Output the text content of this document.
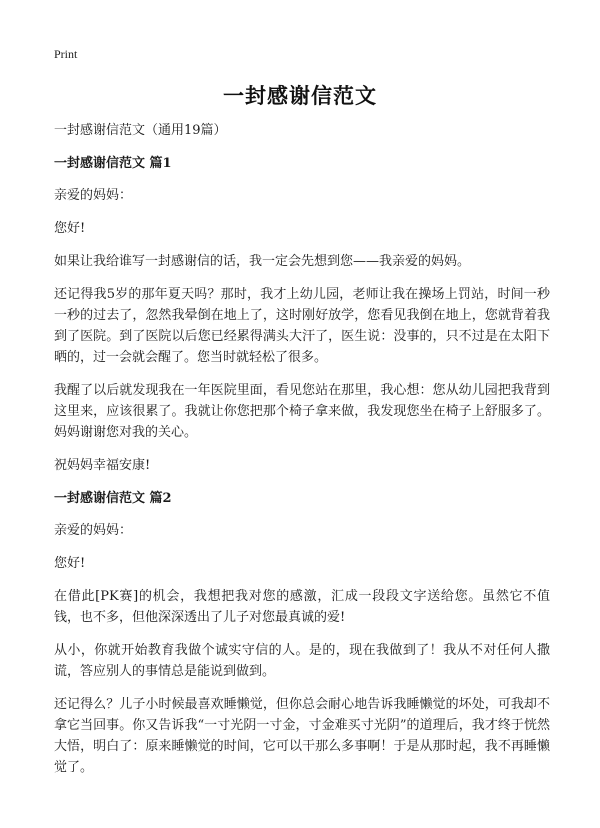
Print
一封感谢信范文

一封感谢信范文（通用19篇）

一封感谢信范文 篇1

亲爱的妈妈：

您好!

如果让我给谁写一封感谢信的话，我一定会先想到您——我亲爱的妈妈。

还记得我5岁的那年夏天吗？那时，我才上幼儿园，老师让我在操场上罚站，时间一秒一秒的过去了，忽然我晕倒在地上了，这时刚好放学，您看见我倒在地上，您就背着我到了医院。到了医院以后您已经累得满头大汗了，医生说：没事的，只不过是在太阳下晒的，过一会就会醒了。您当时就轻松了很多。

我醒了以后就发现我在一年医院里面，看见您站在那里，我心想：您从幼儿园把我背到这里来，应该很累了。我就让你您把那个椅子拿来做，我发现您坐在椅子上舒服多了。妈妈谢谢您对我的关心。

祝妈妈幸福安康!

一封感谢信范文 篇2

亲爱的妈妈：

您好!

在借此[PK赛]的机会，我想把我对您的感激，汇成一段段文字送给您。虽然它不值钱，也不多，但他深深透出了儿子对您最真诚的爱!

从小，你就开始教育我做个诚实守信的人。是的，现在我做到了！我从不对任何人撒谎，答应别人的事情总是能说到做到。

还记得么？儿子小时候最喜欢睡懒觉，但你总会耐心地告诉我睡懒觉的坏处，可我却不拿它当回事。你又告诉我“一寸光阴一寸金，寸金难买寸光阴”的道理后，我才终于恍然大悟，明白了：原来睡懒觉的时间，它可以干那么多事啊！于是从那时起，我不再睡懒觉了。
